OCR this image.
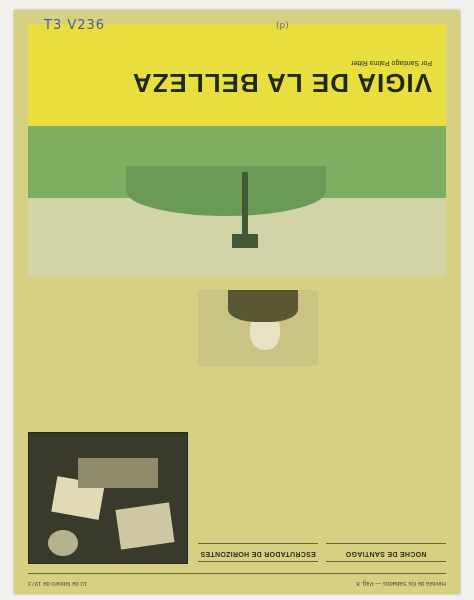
Revista de los Sábados — Pág. 8
10 de febrero de 1973
NOCHE DE SANTIAGO
ESCRUTADOR DE HORIZONTES
VIGIA DE LA BELLEZA
Por Santiago Palma Ritter
T3 V236	(p)
